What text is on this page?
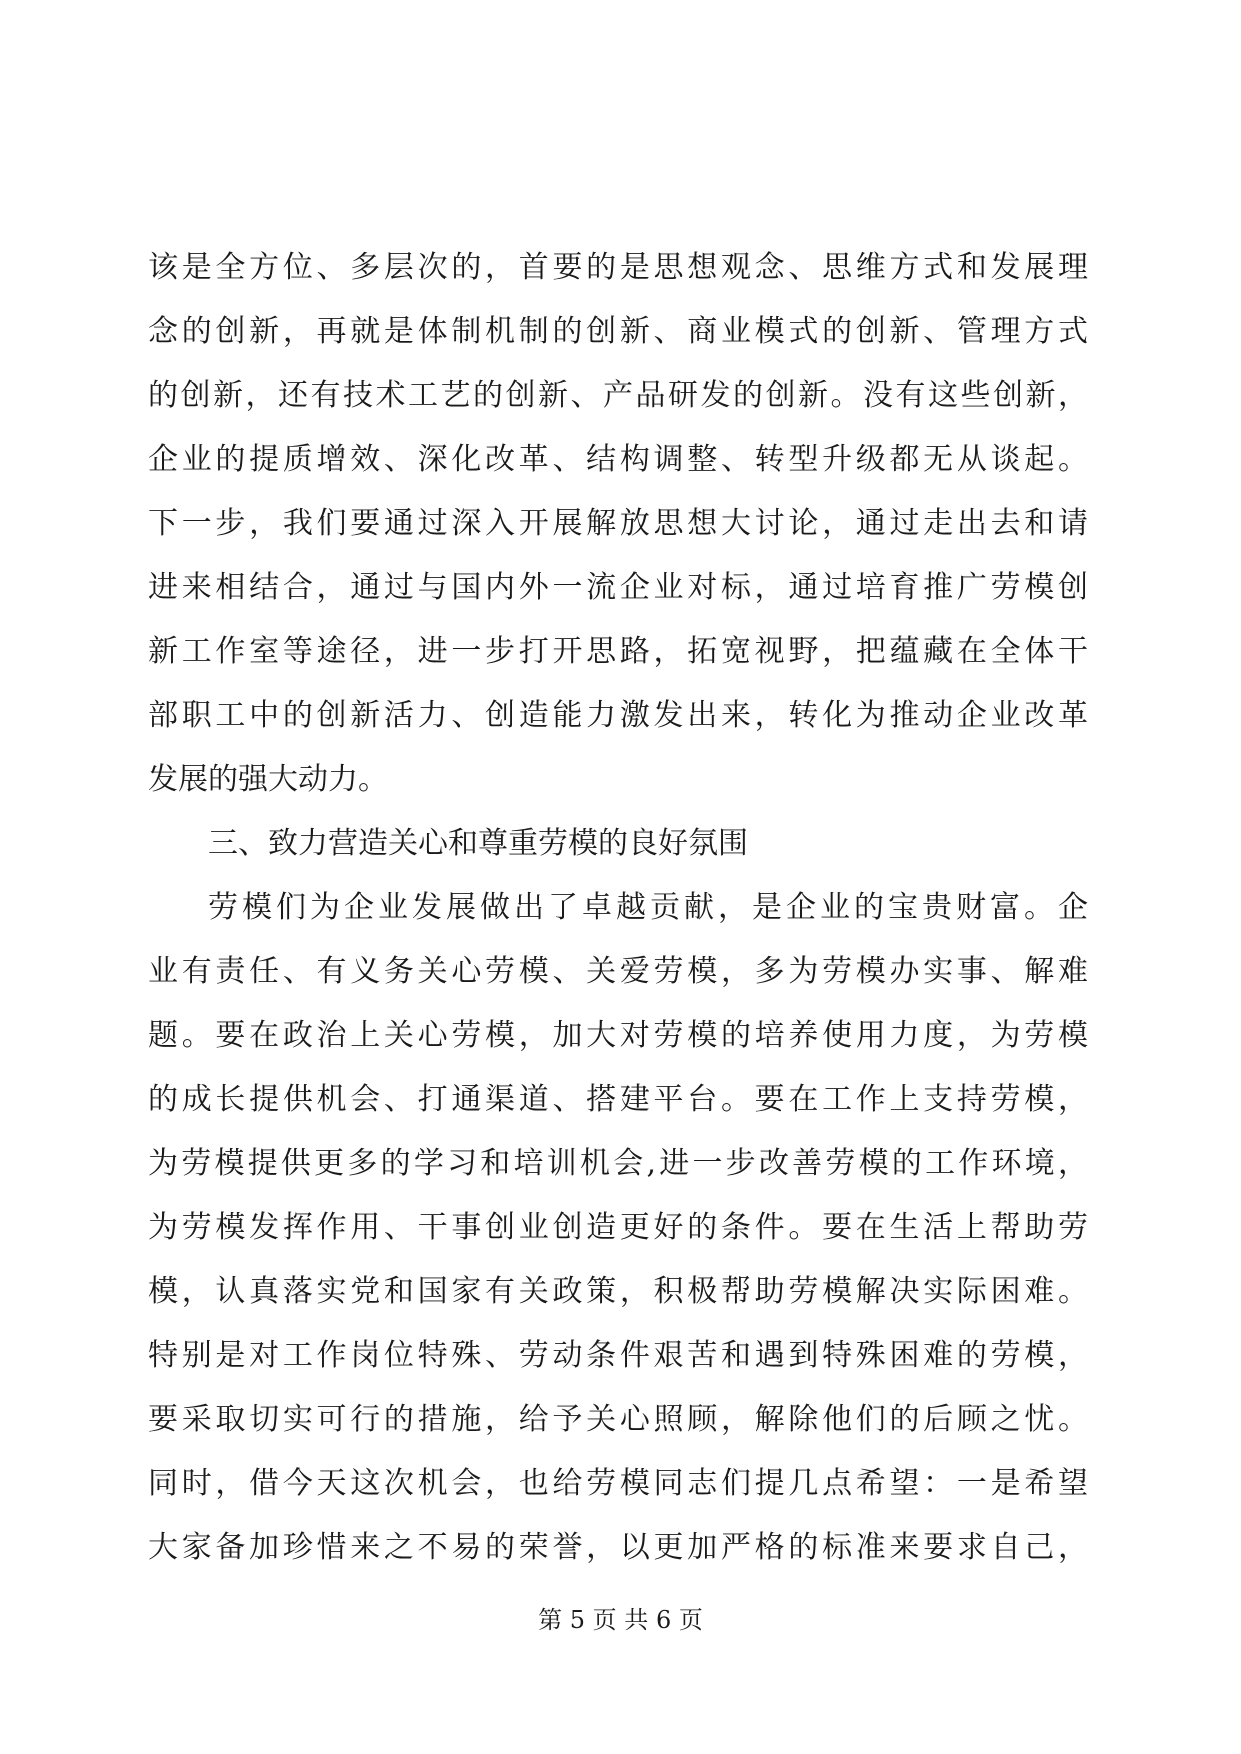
该是全方位、多层次的，首要的是思想观念、思维方式和发展理
念的创新，再就是体制机制的创新、商业模式的创新、管理方式
的创新，还有技术工艺的创新、产品研发的创新。没有这些创新，
企业的提质增效、深化改革、结构调整、转型升级都无从谈起。
下一步，我们要通过深入开展解放思想大讨论，通过走出去和请
进来相结合，通过与国内外一流企业对标，通过培育推广劳模创
新工作室等途径，进一步打开思路，拓宽视野，把蕴藏在全体干
部职工中的创新活力、创造能力激发出来，转化为推动企业改革
发展的强大动力。
三、致力营造关心和尊重劳模的良好氛围
劳模们为企业发展做出了卓越贡献，是企业的宝贵财富。企
业有责任、有义务关心劳模、关爱劳模，多为劳模办实事、解难
题。要在政治上关心劳模，加大对劳模的培养使用力度，为劳模
的成长提供机会、打通渠道、搭建平台。要在工作上支持劳模，
为劳模提供更多的学习和培训机会,进一步改善劳模的工作环境，
为劳模发挥作用、干事创业创造更好的条件。要在生活上帮助劳
模，认真落实党和国家有关政策，积极帮助劳模解决实际困难。
特别是对工作岗位特殊、劳动条件艰苦和遇到特殊困难的劳模，
要采取切实可行的措施，给予关心照顾，解除他们的后顾之忧。
同时，借今天这次机会，也给劳模同志们提几点希望：一是希望
大家备加珍惜来之不易的荣誉，以更加严格的标准来要求自己，
第 5 页 共 6 页
